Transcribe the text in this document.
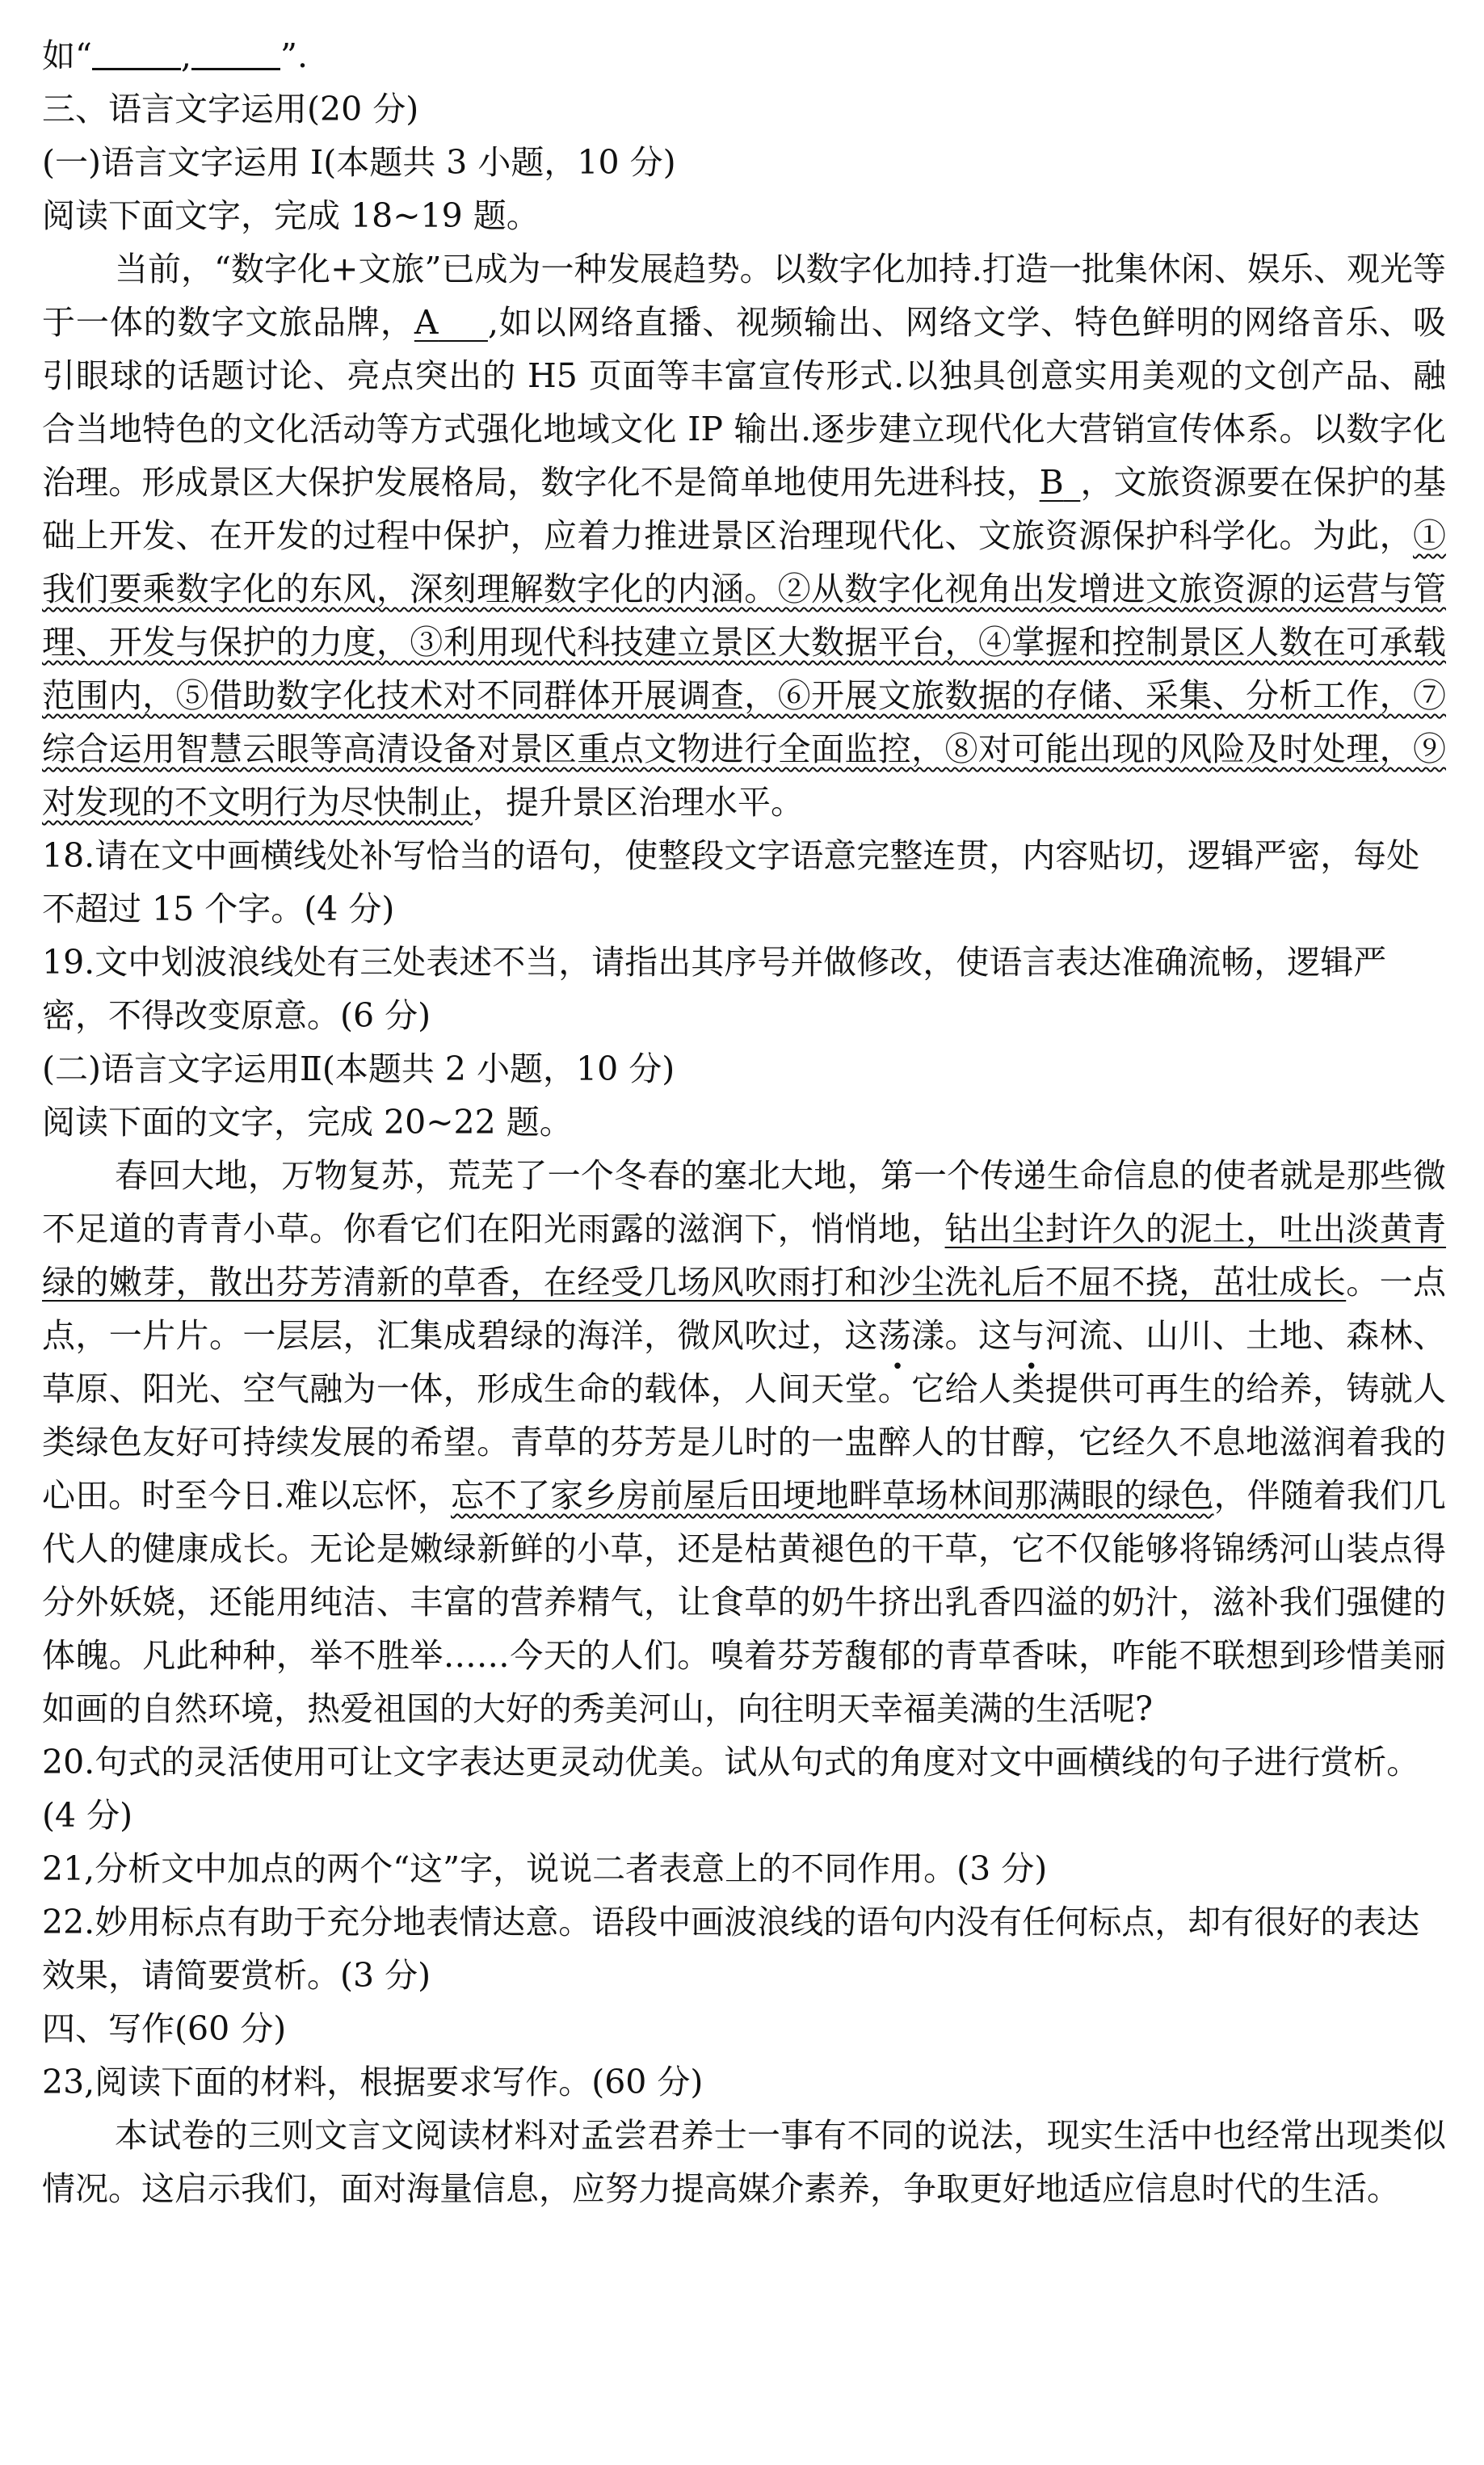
如“	,	”.

三、语言文字运用(20 分)

(一)语言文字运用 I(本题共 3 小题，10 分)

阅读下面文字，完成 18~19 题。

当前，“数字化+文旅”已成为一种发展趋势。以数字化加持.打造一批集休闲、娱乐、观光等于一体的数字文旅品牌，A   ,如以网络直播、视频输出、网络文学、特色鲜明的网络音乐、吸引眼球的话题讨论、亮点突出的 H5 页面等丰富宣传形式.以独具创意实用美观的文创产品、融合当地特色的文化活动等方式强化地域文化 IP 输出.逐步建立现代化大营销宣传体系。以数字化治理。形成景区大保护发展格局，数字化不是简单地使用先进科技，B  ，文旅资源要在保护的基础上开发、在开发的过程中保护，应着力推进景区治理现代化、文旅资源保护科学化。为此，①我们要乘数字化的东风，深刻理解数字化的内涵。②从数字化视角出发增进文旅资源的运营与管理、开发与保护的力度，③利用现代科技建立景区大数据平台，④掌握和控制景区人数在可承载范围内，⑤借助数字化技术对不同群体开展调查，⑥开展文旅数据的存储、采集、分析工作，⑦综合运用智慧云眼等高清设备对景区重点文物进行全面监控，⑧对可能出现的风险及时处理，⑨对发现的不文明行为尽快制止，提升景区治理水平。

18.请在文中画横线处补写恰当的语句，使整段文字语意完整连贯，内容贴切，逻辑严密，每处不超过 15 个字。(4 分)

19.文中划波浪线处有三处表述不当，请指出其序号并做修改，使语言表达准确流畅，逻辑严密，不得改变原意。(6 分)

(二)语言文字运用Ⅱ(本题共 2 小题，10 分)

阅读下面的文字，完成 20~22 题。

春回大地，万物复苏，荒芜了一个冬春的塞北大地，第一个传递生命信息的使者就是那些微不足道的青青小草。你看它们在阳光雨露的滋润下，悄悄地，钻出尘封许久的泥土，吐出淡黄青绿的嫩芽，散出芬芳清新的草香，在经受几场风吹雨打和沙尘洗礼后不屈不挠，茁壮成长。一点点，一片片。一层层，汇集成碧绿的海洋，微风吹过，这荡漾。这与河流、山川、土地、森林、草原、阳光、空气融为一体，形成生命的载体，人间天堂。它给人类提供可再生的给养，铸就人类绿色友好可持续发展的希望。青草的芬芳是儿时的一盅醉人的甘醇，它经久不息地滋润着我的心田。时至今日.难以忘怀，忘不了家乡房前屋后田埂地畔草场林间那满眼的绿色，伴随着我们几代人的健康成长。无论是嫩绿新鲜的小草，还是枯黄褪色的干草，它不仅能够将锦绣河山装点得分外妖娆，还能用纯洁、丰富的营养精气，让食草的奶牛挤出乳香四溢的奶汁，滋补我们强健的体魄。凡此种种，举不胜举……今天的人们。嗅着芬芳馥郁的青草香味，咋能不联想到珍惜美丽如画的自然环境，热爱祖国的大好的秀美河山，向往明天幸福美满的生活呢?

20.句式的灵活使用可让文字表达更灵动优美。试从句式的角度对文中画横线的句子进行赏析。(4 分)

21,分析文中加点的两个“这”字，说说二者表意上的不同作用。(3 分)

22.妙用标点有助于充分地表情达意。语段中画波浪线的语句内没有任何标点，却有很好的表达效果，请简要赏析。(3 分)

四、写作(60 分)

23,阅读下面的材料，根据要求写作。(60 分)

本试卷的三则文言文阅读材料对孟尝君养士一事有不同的说法，现实生活中也经常出现类似情况。这启示我们，面对海量信息，应努力提高媒介素养，争取更好地适应信息时代的生活。
